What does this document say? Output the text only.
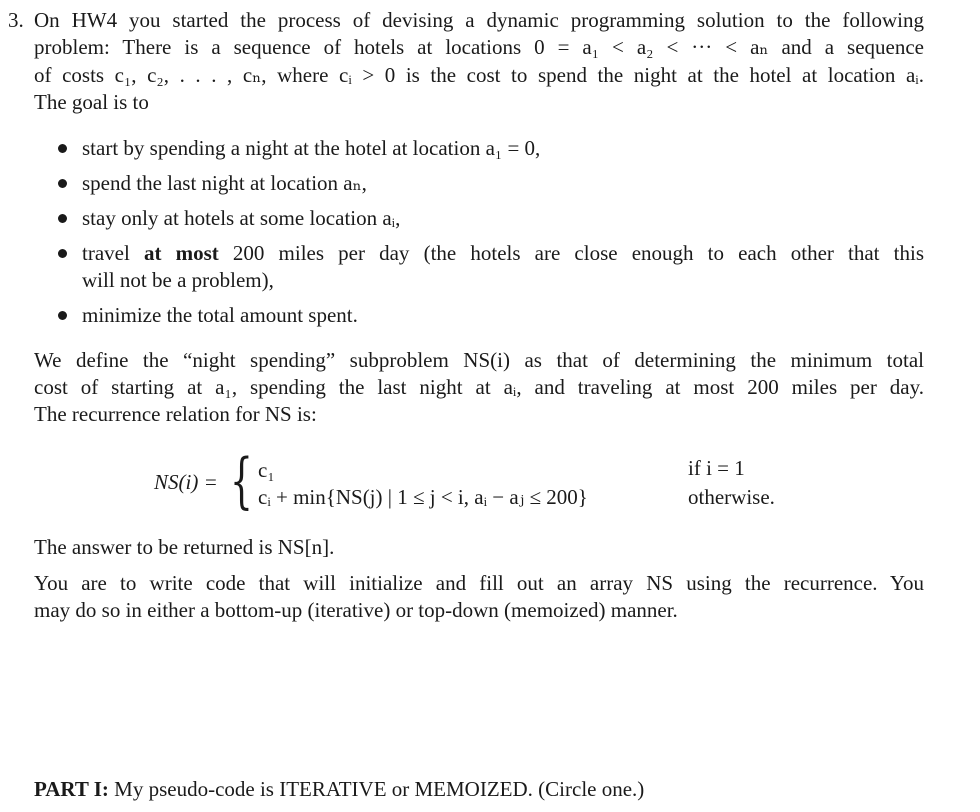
3. On HW4 you started the process of devising a dynamic programming solution to the following
problem: There is a sequence of hotels at locations 0 = a₁ < a₂ < ··· < aₙ and a sequence
of costs c₁, c₂, . . . , cₙ, where cᵢ > 0 is the cost to spend the night at the hotel at location aᵢ.
The goal is to
start by spending a night at the hotel at location a₁ = 0,
spend the last night at location aₙ,
stay only at hotels at some location aᵢ,
travel at most 200 miles per day (the hotels are close enough to each other that this
will not be a problem),
minimize the total amount spent.
We define the “night spending” subproblem NS(i) as that of determining the minimum total
cost of starting at a₁, spending the last night at aᵢ, and traveling at most 200 miles per day.
The recurrence relation for NS is:
NS(i) = { c₁	if i = 1
cᵢ + min{NS(j) | 1 ≤ j < i, aᵢ − aⱼ ≤ 200}	otherwise.
The answer to be returned is NS[n].
You are to write code that will initialize and fill out an array NS using the recurrence. You
may do so in either a bottom-up (iterative) or top-down (memoized) manner.
PART I: My pseudo-code is ITERATIVE or MEMOIZED. (Circle one.)
